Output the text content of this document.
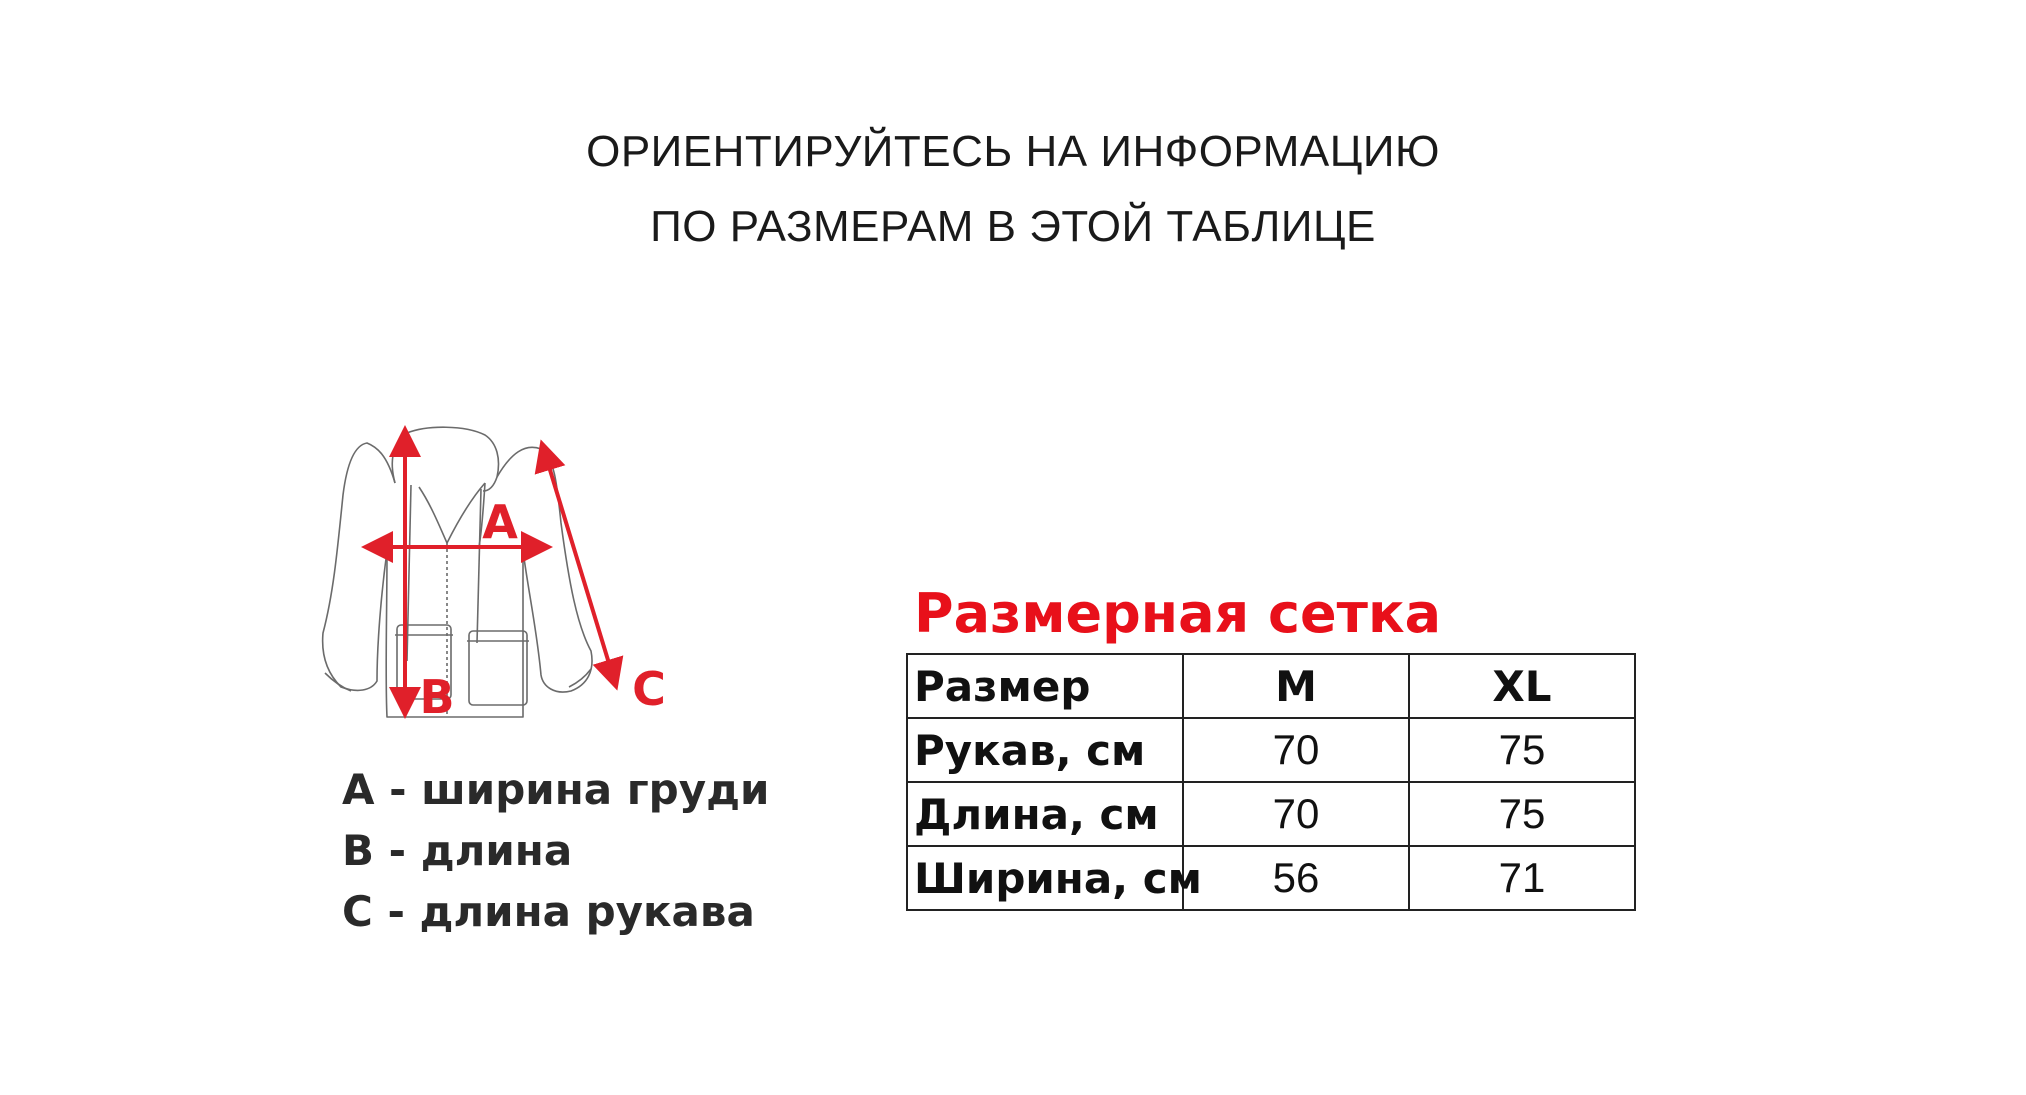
ОРИЕНТИРУЙТЕСЬ НА ИНФОРМАЦИЮ
ПО РАЗМЕРАМ В ЭТОЙ ТАБЛИЦЕ
A
B	C
A - ширина груди
B - длина
C - длина рукава
Размерная сетка
Размер	M	XL
Рукав, см	70	75
Длина, см	70	75
Ширина, см	56	71
